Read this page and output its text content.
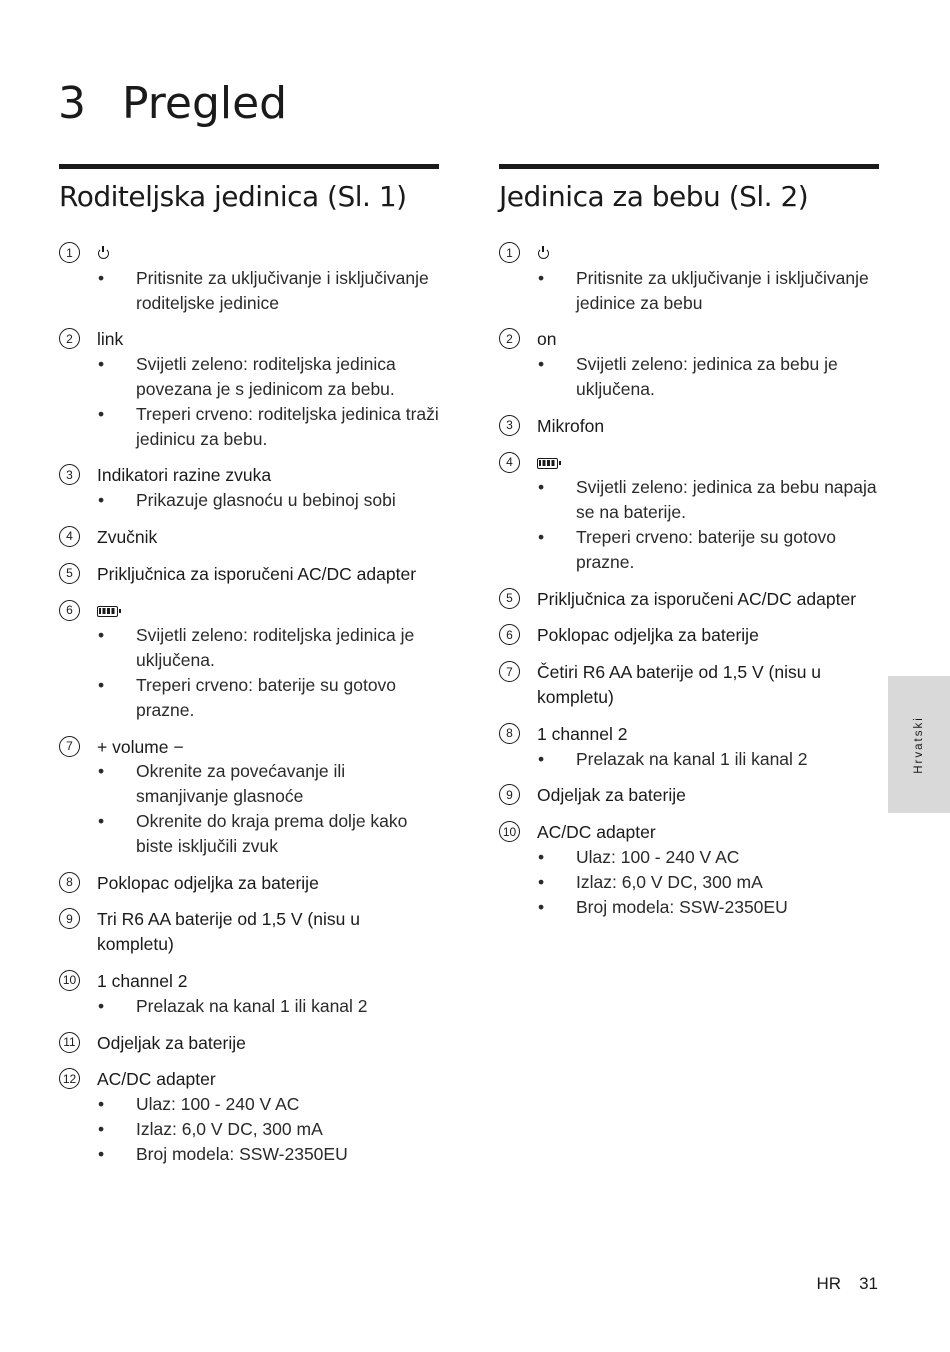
3 Pregled
Roditeljska jedinica (Sl. 1)
1
• Pritisnite za uključivanje i isključivanje roditeljske jedinice
2	link
• Svijetli zeleno: roditeljska jedinica povezana je s jedinicom za bebu.
• Treperi crveno: roditeljska jedinica traži jedinicu za bebu.
3	Indikatori razine zvuka
• Prikazuje glasnoću u bebinoj sobi
4	Zvučnik
5	Priključnica za isporučeni AC/DC adapter
6
• Svijetli zeleno: roditeljska jedinica je uključena.
• Treperi crveno: baterije su gotovo prazne.
7	+ volume −
• Okrenite za povećavanje ili smanjivanje glasnoće
• Okrenite do kraja prema dolje kako biste isključili zvuk
8	Poklopac odjeljka za baterije
9	Tri R6 AA baterije od 1,5 V (nisu u kompletu)
10 1 channel 2
• Prelazak na kanal 1 ili kanal 2
11 Odjeljak za baterije
12 AC/DC adapter
• Ulaz: 100 - 240 V AC
• Izlaz: 6,0 V DC, 300 mA
• Broj modela: SSW-2350EU
Jedinica za bebu (Sl. 2)
1
• Pritisnite za uključivanje i isključivanje jedinice za bebu
2	on
• Svijetli zeleno: jedinica za bebu je uključena.
3	Mikrofon
4
• Svijetli zeleno: jedinica za bebu napaja se na baterije.
• Treperi crveno: baterije su gotovo prazne.
5	Priključnica za isporučeni AC/DC adapter
6	Poklopac odjeljka za baterije
7	Četiri R6 AA baterije od 1,5 V (nisu u kompletu)
8	1 channel 2
• Prelazak na kanal 1 ili kanal 2
9	Odjeljak za baterije
10 AC/DC adapter
• Ulaz: 100 - 240 V AC
• Izlaz: 6,0 V DC, 300 mA
• Broj modela: SSW-2350EU
Hrvatski
HR 31
